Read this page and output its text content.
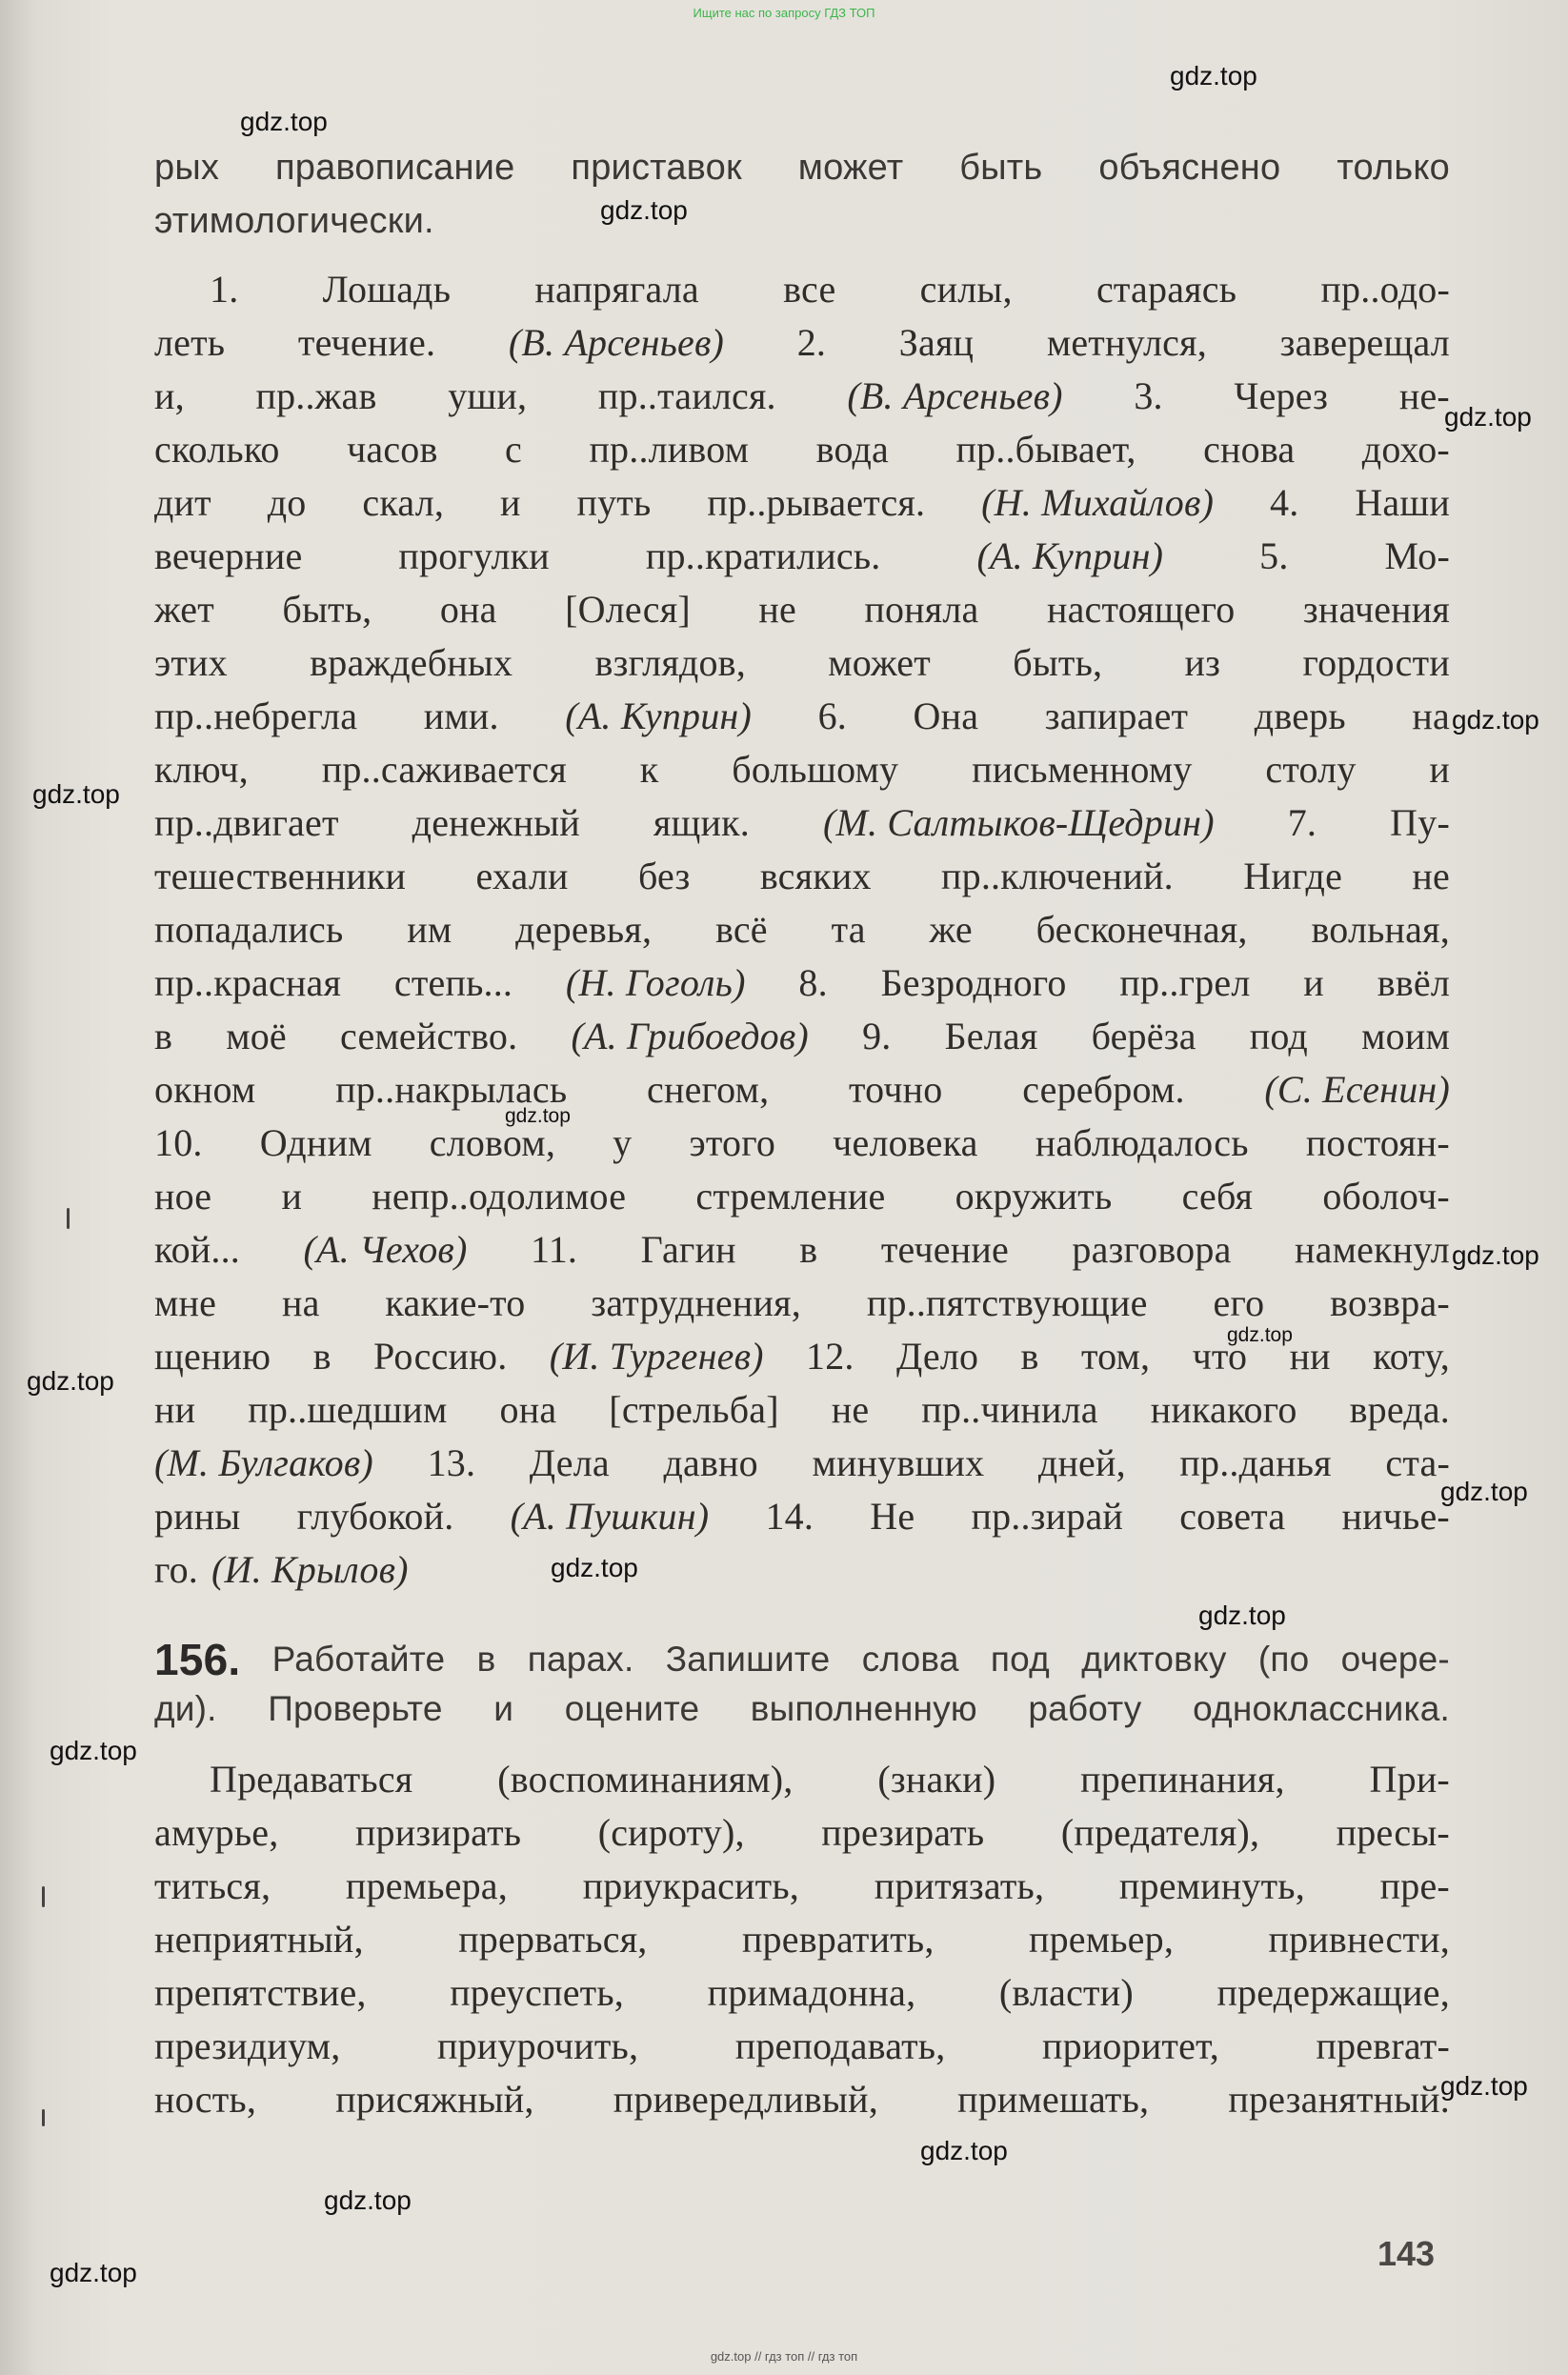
Ищите нас по запросу ГДЗ ТОП
рых правописание приставок может быть объяснено только
этимологически.
1. Лошадь напрягала все силы, стараясь пр..одо-
леть течение. (В. Арсеньев) 2. Заяц метнулся, заверещал
и, пр..жав уши, пр..таился. (В. Арсеньев) 3. Через не-
сколько часов с пр..ливом вода пр..бывает, снова дохо-
дит до скал, и путь пр..рывается. (Н. Михайлов) 4. Наши
вечерние	прогулки	пр..кратились.	(А. Куприн)	5.	Мо-
жет быть, она [Олеся] не поняла настоящего значения
этих враждебных взглядов, может быть, из гордости
пр..небрегла ими. (А. Куприн) 6. Она запирает дверь на
ключ, пр..саживается к большому письменному столу и
пр..двигает денежный ящик. (М. Салтыков-Щедрин) 7. Пу-
тешественники ехали без всяких пр..ключений. Нигде не
попадались им деревья, всё та же бесконечная, вольная,
пр..красная степь... (Н. Гоголь) 8. Безродного пр..грел и ввёл
в моё семейство. (А. Грибоедов) 9. Белая берёза под моим
окном пр..накрылась снегом, точно серебром. (С. Есенин)
10. Одним словом, у этого человека наблюдалось постоян-
ное и непр..одолимое стремление окружить себя оболоч-
кой... (А. Чехов) 11. Гагин в течение разговора намекнул
мне на какие-то затруднения, пр..пятствующие его возвра-
щению в Россию. (И. Тургенев) 12. Дело в том, что ни коту,
ни пр..шедшим она [стрельба] не пр..чинила никакого вреда.
(М. Булгаков) 13. Дела давно минувших дней, пр..данья ста-
рины глубокой. (А. Пушкин) 14. Не пр..зирай совета ничье-
го. (И. Крылов)
156. Работайте в парах. Запишите слова под диктовку (по очере-
ди). Проверьте и оцените выполненную работу одноклассника.
Предаваться (воспоминаниям), (знаки) препинания, При-
амурье, призирать (сироту), презирать (предателя), пресы-
титься, премьера, приукрасить, притязать, преминуть, пре-
неприятный, прерваться, превратить, премьер, привнести,
препятствие, преуспеть, примадонна, (власти) предержащие,
президиум,	приурочить,	преподавать,	приоритет,	превrат-
ность, присяжный, привередливый, примешать, презанятный.
143
gdz.top // гдз топ // гдз топ
gdz.top
gdz.top
gdz.top
gdz.top
gdz.top
gdz.top
gdz.top
gdz.top
gdz.top
gdz.top
gdz.top
gdz.top
gdz.top
gdz.top
gdz.top
gdz.top
gdz.top
gdz.top
